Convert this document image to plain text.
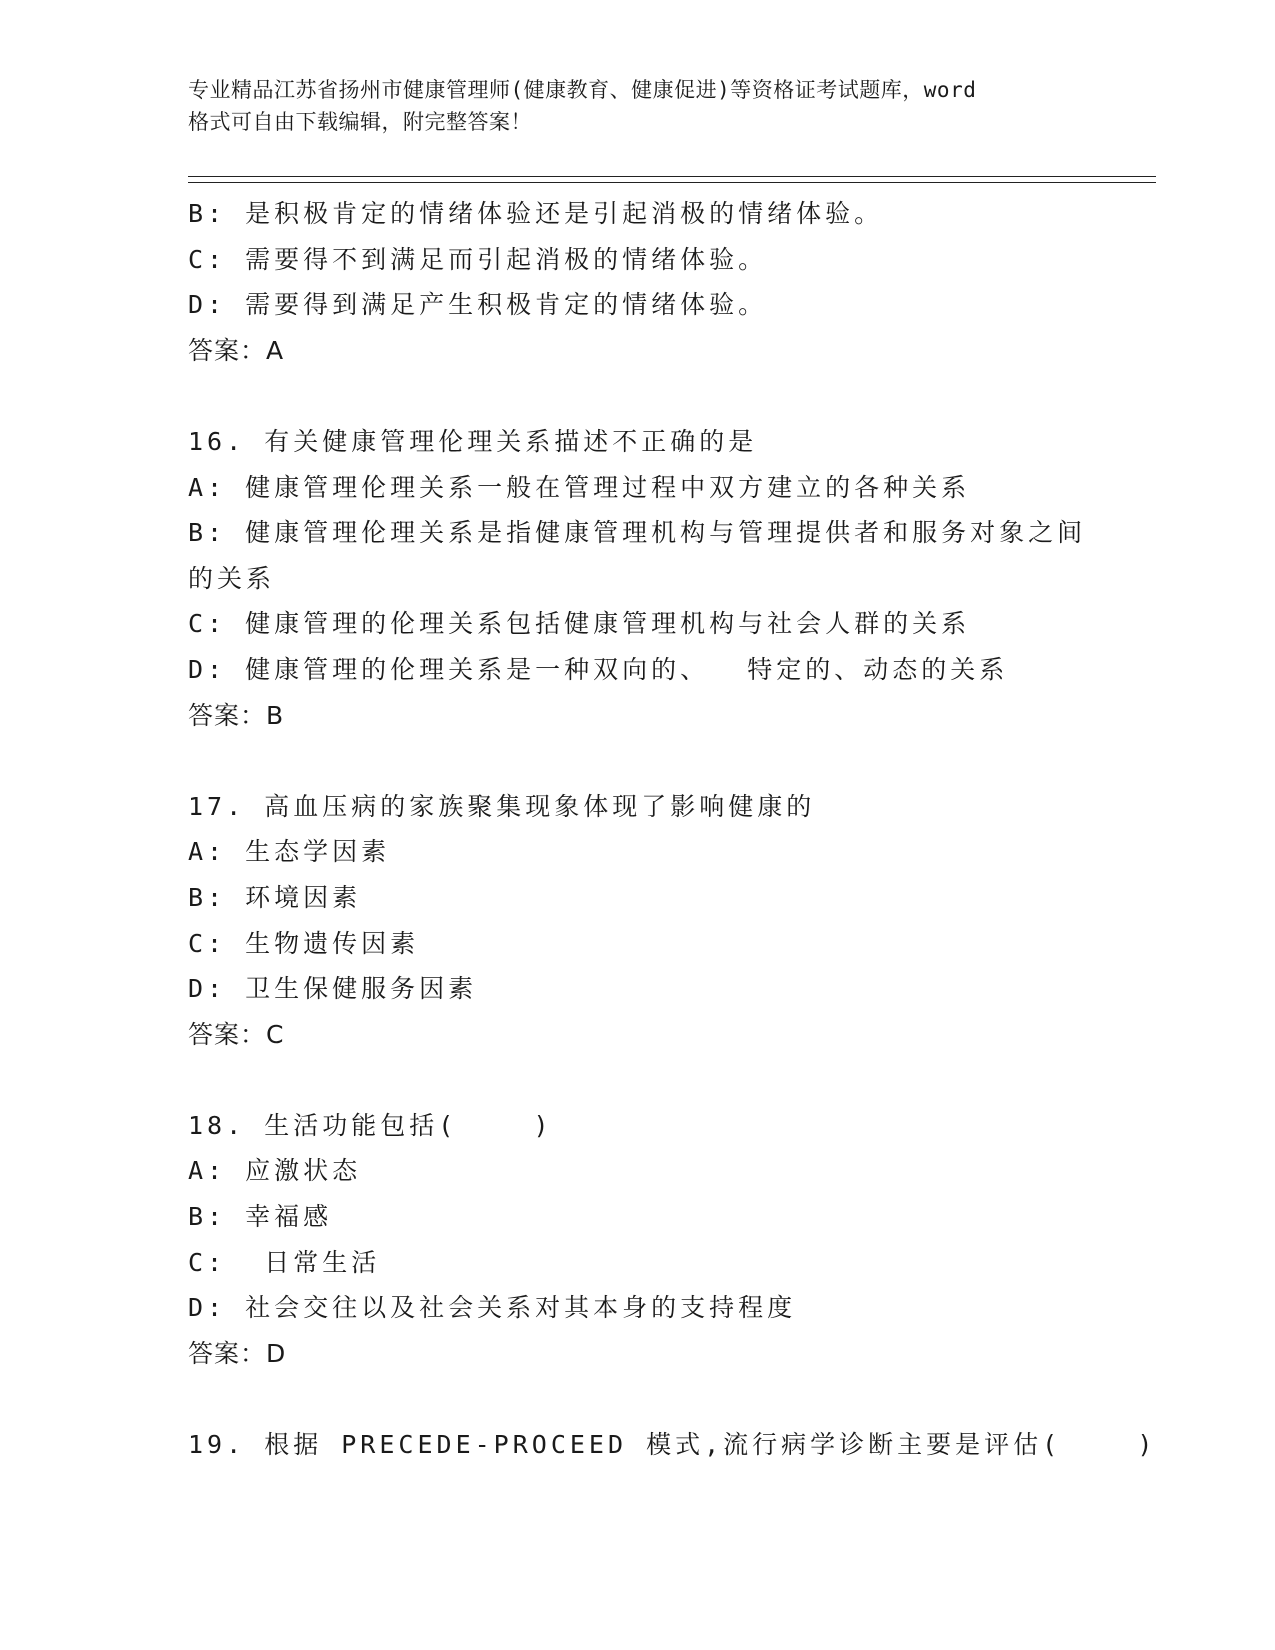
专业精品江苏省扬州市健康管理师(健康教育、健康促进)等资格证考试题库，word
格式可自由下载编辑，附完整答案！
B: 是积极肯定的情绪体验还是引起消极的情绪体验。
C: 需要得不到满足而引起消极的情绪体验。
D: 需要得到满足产生积极肯定的情绪体验。
答案：A
16. 有关健康管理伦理关系描述不正确的是
A: 健康管理伦理关系一般在管理过程中双方建立的各种关系
B: 健康管理伦理关系是指健康管理机构与管理提供者和服务对象之间
的关系
C: 健康管理的伦理关系包括健康管理机构与社会人群的关系
D: 健康管理的伦理关系是一种双向的、  特定的、动态的关系
答案：B
17. 高血压病的家族聚集现象体现了影响健康的
A: 生态学因素
B: 环境因素
C: 生物遗传因素
D: 卫生保健服务因素
答案：C
18. 生活功能包括(    )
A: 应激状态
B: 幸福感
C:  日常生活
D: 社会交往以及社会关系对其本身的支持程度
答案：D
19. 根据 PRECEDE-PROCEED 模式,流行病学诊断主要是评估(    )
